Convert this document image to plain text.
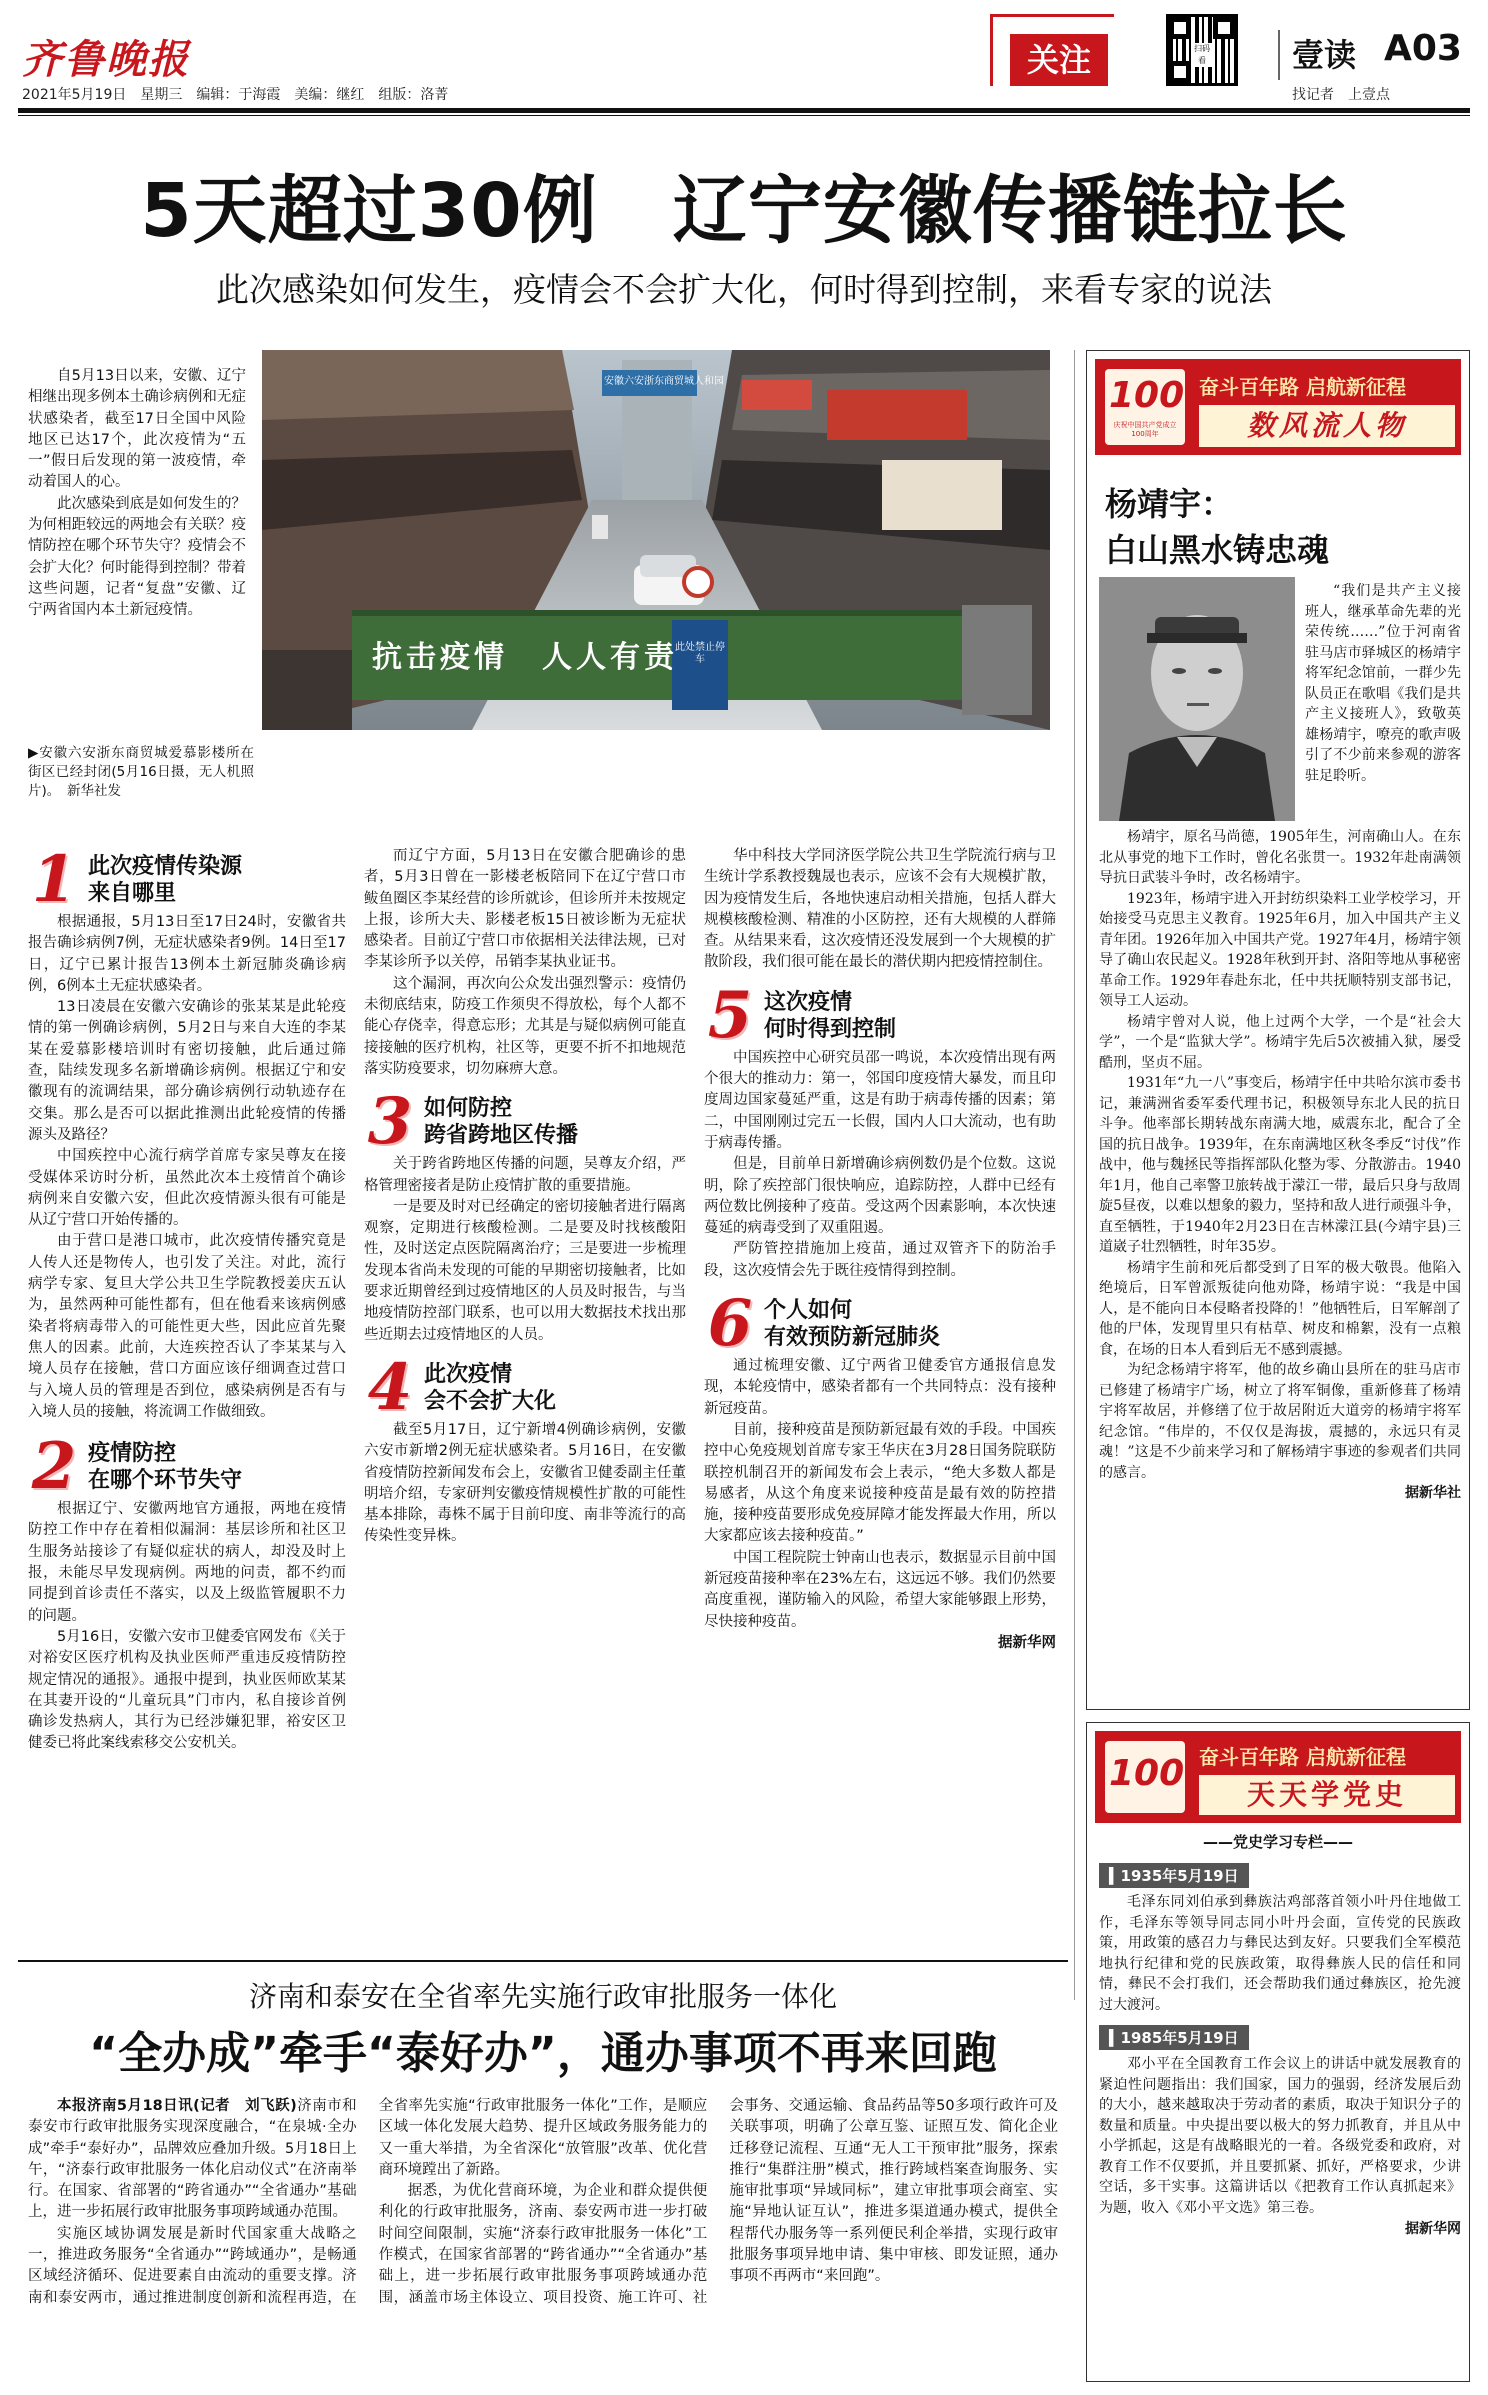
齐鲁晚报
2021年5月19日　星期三　编辑：于海霞　美编：继红　组版：洛菁
关注	扫码看	壹读 A03
找记者　上壹点
5天超过30例　辽宁安徽传播链拉长
此次感染如何发生，疫情会不会扩大化，何时得到控制，来看专家的说法

自5月13日以来，安徽、辽宁相继出现多例本土确诊病例和无症状感染者，截至17日全国中风险地区已达17个，此次疫情为“五一”假日后发现的第一波疫情，牵动着国人的心。

此次感染到底是如何发生的？为何相距较远的两地会有关联？疫情防控在哪个环节失守？疫情会不会扩大化？何时能得到控制？带着这些问题，记者“复盘”安徽、辽宁两省国内本土新冠疫情。

安徽六安浙东商贸城人和园
抗击疫情　人人有责
此处禁止停车
▶安徽六安浙东商贸城爱慕影楼所在街区已经封闭(5月16日摄，无人机照片)。　新华社发
1 此次疫情传染源
来自哪里

根据通报，5月13日至17日24时，安徽省共报告确诊病例7例，无症状感染者9例。14日至17日，辽宁已累计报告13例本土新冠肺炎确诊病例，6例本土无症状感染者。

13日凌晨在安徽六安确诊的张某某是此轮疫情的第一例确诊病例，5月2日与来自大连的李某某在爱慕影楼培训时有密切接触，此后通过筛查，陆续发现多名新增确诊病例。根据辽宁和安徽现有的流调结果，部分确诊病例行动轨迹存在交集。那么是否可以据此推测出此轮疫情的传播源头及路径？

中国疾控中心流行病学首席专家吴尊友在接受媒体采访时分析，虽然此次本土疫情首个确诊病例来自安徽六安，但此次疫情源头很有可能是从辽宁营口开始传播的。

由于营口是港口城市，此次疫情传播究竟是人传人还是物传人，也引发了关注。对此，流行病学专家、复旦大学公共卫生学院教授姜庆五认为，虽然两种可能性都有，但在他看来该病例感染者将病毒带入的可能性更大些，因此应首先聚焦人的因素。此前，大连疾控否认了李某某与入境人员存在接触，营口方面应该仔细调查过营口与入境人员的管理是否到位，感染病例是否有与入境人员的接触，将流调工作做细致。

2 疫情防控
在哪个环节失守

根据辽宁、安徽两地官方通报，两地在疫情防控工作中存在着相似漏洞：基层诊所和社区卫生服务站接诊了有疑似症状的病人，却没及时上报，未能尽早发现病例。两地的问责，都不约而同提到首诊责任不落实，以及上级监管履职不力的问题。

5月16日，安徽六安市卫健委官网发布《关于对裕安区医疗机构及执业医师严重违反疫情防控规定情况的通报》。通报中提到，执业医师欧某某在其妻开设的“儿童玩具”门市内，私自接诊首例确诊发热病人，其行为已经涉嫌犯罪，裕安区卫健委已将此案线索移交公安机关。

而辽宁方面，5月13日在安徽合肥确诊的患者，5月3日曾在一影楼老板陪同下在辽宁营口市鲅鱼圈区李某经营的诊所就诊，但诊所并未按规定上报，诊所大夫、影楼老板15日被诊断为无症状感染者。目前辽宁营口市依据相关法律法规，已对李某诊所予以关停，吊销李某执业证书。

这个漏洞，再次向公众发出强烈警示：疫情仍未彻底结束，防疫工作须臾不得放松，每个人都不能心存侥幸，得意忘形；尤其是与疑似病例可能直接接触的医疗机构，社区等，更要不折不扣地规范落实防疫要求，切勿麻痹大意。

3 如何防控
跨省跨地区传播

关于跨省跨地区传播的问题，吴尊友介绍，严格管理密接者是防止疫情扩散的重要措施。

一是要及时对已经确定的密切接触者进行隔离观察，定期进行核酸检测。二是要及时找核酸阳性，及时送定点医院隔离治疗；三是要进一步梳理发现本省尚未发现的可能的早期密切接触者，比如要求近期曾经到过疫情地区的人员及时报告，与当地疫情防控部门联系，也可以用大数据技术找出那些近期去过疫情地区的人员。

4 此次疫情
会不会扩大化

截至5月17日，辽宁新增4例确诊病例，安徽六安市新增2例无症状感染者。5月16日，在安徽省疫情防控新闻发布会上，安徽省卫健委副主任董明培介绍，专家研判安徽疫情规模性扩散的可能性基本排除，毒株不属于目前印度、南非等流行的高传染性变异株。

华中科技大学同济医学院公共卫生学院流行病与卫生统计学系教授魏晟也表示，应该不会有大规模扩散，因为疫情发生后，各地快速启动相关措施，包括人群大规模核酸检测、精准的小区防控，还有大规模的人群筛查。从结果来看，这次疫情还没发展到一个大规模的扩散阶段，我们很可能在最长的潜伏期内把疫情控制住。

5 这次疫情
何时得到控制

中国疾控中心研究员邵一鸣说，本次疫情出现有两个很大的推动力：第一，邻国印度疫情大暴发，而且印度周边国家蔓延严重，这是有助于病毒传播的因素；第二，中国刚刚过完五一长假，国内人口大流动，也有助于病毒传播。

但是，目前单日新增确诊病例数仍是个位数。这说明，除了疾控部门很快响应，追踪防控，人群中已经有两位数比例接种了疫苗。受这两个因素影响，本次快速蔓延的病毒受到了双重阻遏。

严防管控措施加上疫苗，通过双管齐下的防治手段，这次疫情会先于既往疫情得到控制。

6 个人如何
有效预防新冠肺炎

通过梳理安徽、辽宁两省卫健委官方通报信息发现，本轮疫情中，感染者都有一个共同特点：没有接种新冠疫苗。

目前，接种疫苗是预防新冠最有效的手段。中国疾控中心免疫规划首席专家王华庆在3月28日国务院联防联控机制召开的新闻发布会上表示，“绝大多数人都是易感者，从这个角度来说接种疫苗是最有效的防控措施，接种疫苗要形成免疫屏障才能发挥最大作用，所以大家都应该去接种疫苗。”

中国工程院院士钟南山也表示，数据显示目前中国新冠疫苗接种率在23%左右，这远远不够。我们仍然要高度重视，谨防输入的风险，希望大家能够跟上形势，尽快接种疫苗。

据新华网
济南和泰安在全省率先实施行政审批服务一体化
“全办成”牵手“泰好办”，通办事项不再来回跑

本报济南5月18日讯(记者　刘飞跃)济南市和泰安市行政审批服务实现深度融合，“在泉城·全办成”牵手“泰好办”，品牌效应叠加升级。5月18日上午，“济泰行政审批服务一体化启动仪式”在济南举行。在国家、省部署的“跨省通办”“全省通办”基础上，进一步拓展行政审批服务事项跨域通办范围。

实施区域协调发展是新时代国家重大战略之一，推进政务服务“全省通办”“跨域通办”，是畅通区域经济循环、促进要素自由流动的重要支撑。济南和泰安两市，通过推进制度创新和流程再造，在全省率先实施“行政审批服务一体化”工作，是顺应区域一体化发展大趋势、提升区域政务服务能力的又一重大举措，为全省深化“放管服”改革、优化营商环境蹚出了新路。

据悉，为优化营商环境，为企业和群众提供便利化的行政审批服务，济南、泰安两市进一步打破时间空间限制，实施“济泰行政审批服务一体化”工作模式，在国家省部署的“跨省通办”“全省通办”基础上，进一步拓展行政审批服务事项跨域通办范围，涵盖市场主体设立、项目投资、施工许可、社会事务、交通运输、食品药品等50多项行政许可及关联事项，明确了公章互鉴、证照互发、简化企业迁移登记流程、互通“无人工干预审批”服务，探索推行“集群注册”模式，推行跨域档案查询服务、实施审批事项“异域同标”，建立审批事项会商室、实施“异地认证互认”，推进多渠道通办模式，提供全程帮代办服务等一系列便民利企举措，实现行政审批服务事项异地申请、集中审核、即发证照，通办事项不再两市“来回跑”。

100
庆祝中国共产党成立100周年
奋斗百年路 启航新征程
数风流人物
杨靖宇：
白山黑水铸忠魂

“我们是共产主义接班人，继承革命先辈的光荣传统……”位于河南省驻马店市驿城区的杨靖宇将军纪念馆前，一群少先队员正在歌唱《我们是共产主义接班人》，致敬英雄杨靖宇，嘹亮的歌声吸引了不少前来参观的游客驻足聆听。

杨靖宇，原名马尚德，1905年生，河南确山人。在东北从事党的地下工作时，曾化名张贯一。1932年赴南满领导抗日武装斗争时，改名杨靖宇。

1923年，杨靖宇进入开封纺织染料工业学校学习，开始接受马克思主义教育。1925年6月，加入中国共产主义青年团。1926年加入中国共产党。1927年4月，杨靖宇领导了确山农民起义。1928年秋到开封、洛阳等地从事秘密革命工作。1929年春赴东北，任中共抚顺特别支部书记，领导工人运动。

杨靖宇曾对人说，他上过两个大学，一个是“社会大学”，一个是“监狱大学”。杨靖宇先后5次被捕入狱，屡受酷刑，坚贞不屈。

1931年“九一八”事变后，杨靖宇任中共哈尔滨市委书记，兼满洲省委军委代理书记，积极领导东北人民的抗日斗争。他率部长期转战东南满大地，威震东北，配合了全国的抗日战争。1939年，在东南满地区秋冬季反“讨伐”作战中，他与魏拯民等指挥部队化整为零、分散游击。1940年1月，他自己率警卫旅转战于濛江一带，最后只身与敌周旋5昼夜，以难以想象的毅力，坚持和敌人进行顽强斗争，直至牺牲，于1940年2月23日在吉林濛江县(今靖宇县)三道崴子壮烈牺牲，时年35岁。

杨靖宇生前和死后都受到了日军的极大敬畏。他陷入绝境后，日军曾派叛徒向他劝降，杨靖宇说：“我是中国人，是不能向日本侵略者投降的！”他牺牲后，日军解剖了他的尸体，发现胃里只有枯草、树皮和棉絮，没有一点粮食，在场的日本人看到后无不感到震撼。

为纪念杨靖宇将军，他的故乡确山县所在的驻马店市已修建了杨靖宇广场，树立了将军铜像，重新修葺了杨靖宇将军故居，并修缮了位于故居附近大道旁的杨靖宇将军纪念馆。“伟岸的，不仅仅是海拔，震撼的，永远只有灵魂！”这是不少前来学习和了解杨靖宇事迹的参观者们共同的感言。

据新华社
100 奋斗百年路 启航新征程
天天学党史
——党史学习专栏——
▍1935年5月19日

毛泽东同刘伯承到彝族沽鸡部落首领小叶丹住地做工作，毛泽东等领导同志同小叶丹会面，宣传党的民族政策，用政策的感召力与彝民达到友好。只要我们全军模范地执行纪律和党的民族政策，取得彝族人民的信任和同情，彝民不会打我们，还会帮助我们通过彝族区，抢先渡过大渡河。

▍1985年5月19日

邓小平在全国教育工作会议上的讲话中就发展教育的紧迫性问题指出：我们国家，国力的强弱，经济发展后劲的大小，越来越取决于劳动者的素质，取决于知识分子的数量和质量。中央提出要以极大的努力抓教育，并且从中小学抓起，这是有战略眼光的一着。各级党委和政府，对教育工作不仅要抓，并且要抓紧、抓好，严格要求，少讲空话，多干实事。这篇讲话以《把教育工作认真抓起来》为题，收入《邓小平文选》第三卷。

据新华网
